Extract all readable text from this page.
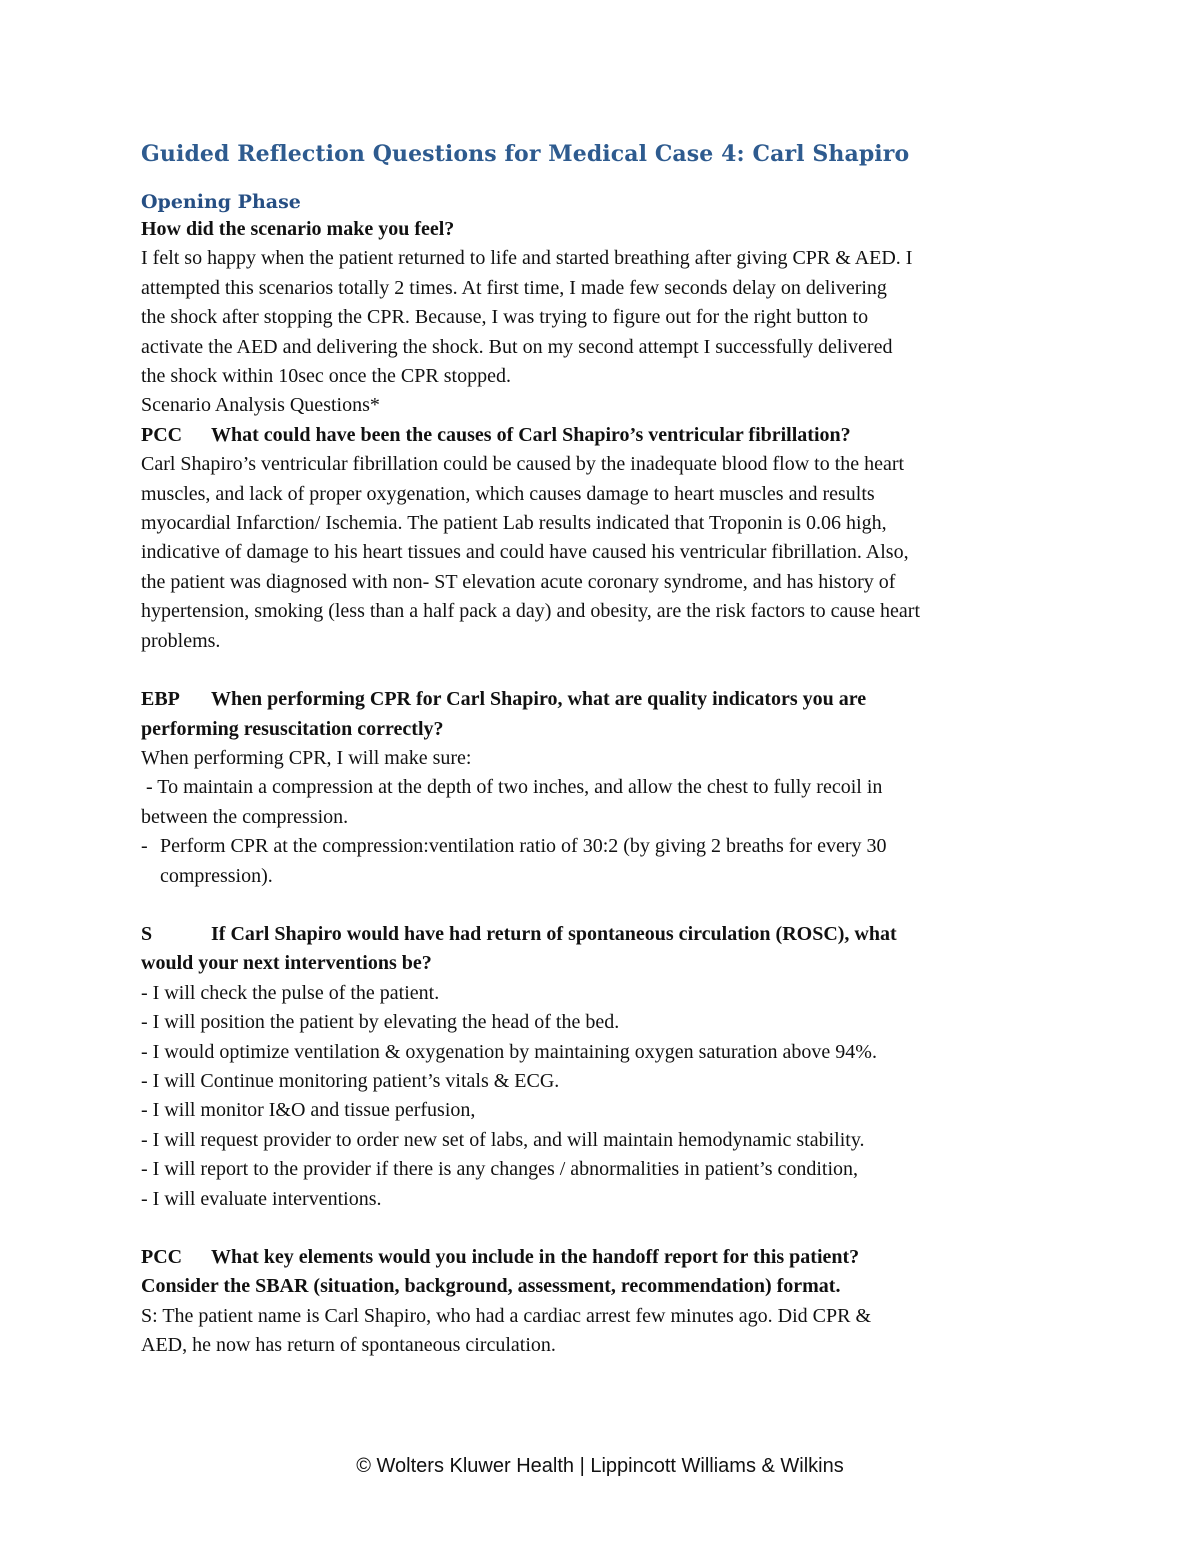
Guided Reflection Questions for Medical Case 4: Carl Shapiro
Opening Phase

How did the scenario make you feel?

I felt so happy when the patient returned to life and started breathing after giving CPR & AED. I

attempted this scenarios totally 2 times. At first time, I made few seconds delay on delivering

the shock after stopping the CPR. Because, I was trying to figure out for the right button to

activate the AED and delivering the shock. But on my second attempt I successfully delivered

the shock within 10sec once the CPR stopped.

Scenario Analysis Questions*

PCC What could have been the causes of Carl Shapiro’s ventricular fibrillation?

Carl Shapiro’s ventricular fibrillation could be caused by the inadequate blood flow to the heart

muscles, and lack of proper oxygenation, which causes damage to heart muscles and results

myocardial Infarction/ Ischemia. The patient Lab results indicated that Troponin is 0.06 high,

indicative of damage to his heart tissues and could have caused his ventricular fibrillation. Also,

the patient was diagnosed with non- ST elevation acute coronary syndrome, and has history of

hypertension, smoking (less than a half pack a day) and obesity, are the risk factors to cause heart

problems.

EBP When performing CPR for Carl Shapiro, what are quality indicators you are

performing resuscitation correctly?

When performing CPR, I will make sure:

- To maintain a compression at the depth of two inches, and allow the chest to fully recoil in

between the compression.

- Perform CPR at the compression:ventilation ratio of 30:2 (by giving 2 breaths for every 30

compression).

S	If Carl Shapiro would have had return of spontaneous circulation (ROSC), what

would your next interventions be?

- I will check the pulse of the patient.

- I will position the patient by elevating the head of the bed.

- I would optimize ventilation & oxygenation by maintaining oxygen saturation above 94%.

- I will Continue monitoring patient’s vitals & ECG.

- I will monitor I&O and tissue perfusion,

- I will request provider to order new set of labs, and will maintain hemodynamic stability.

- I will report to the provider if there is any changes / abnormalities in patient’s condition,

- I will evaluate interventions.

PCC What key elements would you include in the handoff report for this patient?

Consider the SBAR (situation, background, assessment, recommendation) format.

S: The patient name is Carl Shapiro, who had a cardiac arrest few minutes ago. Did CPR &

AED, he now has return of spontaneous circulation.

© Wolters Kluwer Health | Lippincott Williams & Wilkins
